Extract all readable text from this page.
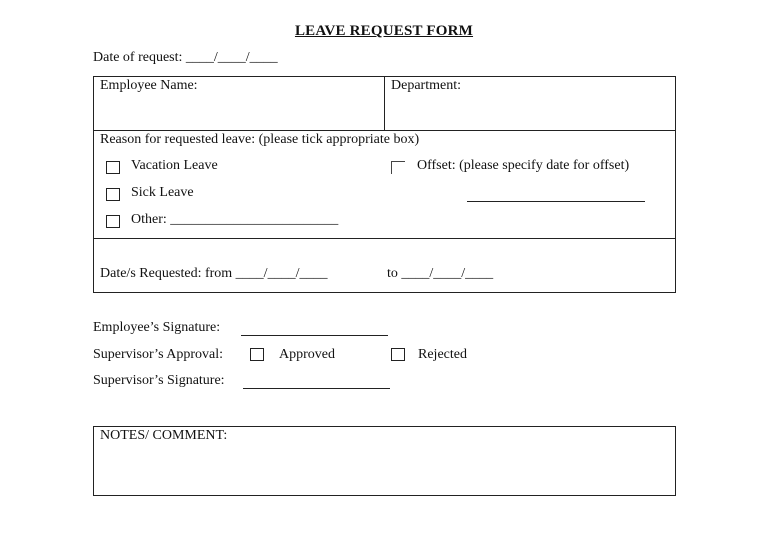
LEAVE REQUEST FORM
Date of request: ____/____/____
Employee Name:	Department:
Reason for requested leave: (please tick appropriate box)
Vacation Leave
Sick Leave
Other: ________________________
Offset: (please specify date for offset)
Date/s Requested: from ____/____/____	to ____/____/____
Employee’s Signature:
Supervisor’s Approval:	Approved	Rejected
Supervisor’s Signature:
NOTES/ COMMENT:
